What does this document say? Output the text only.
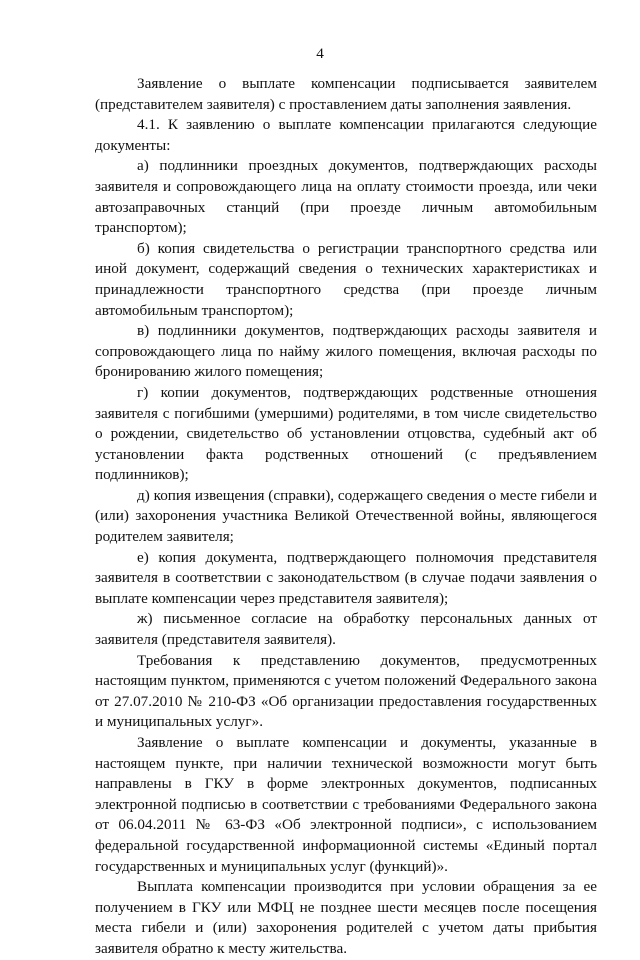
4

Заявление о выплате компенсации подписывается заявителем (представителем заявителя) с проставлением даты заполнения заявления.

4.1. К заявлению о выплате компенсации прилагаются следующие документы:

а) подлинники проездных документов, подтверждающих расходы заявителя и сопровождающего лица на оплату стоимости проезда, или чеки автозаправочных станций (при проезде личным автомобильным транспортом);

б) копия свидетельства о регистрации транспортного средства или иной документ, содержащий сведения о технических характеристиках и принадлежности транспортного средства (при проезде личным автомобильным транспортом);

в) подлинники документов, подтверждающих расходы заявителя и сопровождающего лица по найму жилого помещения, включая расходы по бронированию жилого помещения;

г) копии документов, подтверждающих родственные отношения заявителя с погибшими (умершими) родителями, в том числе свидетельство о рождении, свидетельство об установлении отцовства, судебный акт об установлении факта родственных отношений (с предъявлением подлинников);

д) копия извещения (справки), содержащего сведения о месте гибели и (или) захоронения участника Великой Отечественной войны, являющегося родителем заявителя;

е) копия документа, подтверждающего полномочия представителя заявителя в соответствии с законодательством (в случае подачи заявления о выплате компенсации через представителя заявителя);

ж) письменное согласие на обработку персональных данных от заявителя (представителя заявителя).

Требования к представлению документов, предусмотренных настоящим пунктом, применяются с учетом положений Федерального закона от 27.07.2010 № 210-ФЗ «Об организации предоставления государственных и муниципальных услуг».

Заявление о выплате компенсации и документы, указанные в настоящем пункте, при наличии технической возможности могут быть направлены в ГКУ в форме электронных документов, подписанных электронной подписью в соответствии с требованиями Федерального закона от 06.04.2011 № 63-ФЗ «Об электронной подписи», с использованием федеральной государственной информационной системы «Единый портал государственных и муниципальных услуг (функций)».

Выплата компенсации производится при условии обращения за ее получением в ГКУ или МФЦ не позднее шести месяцев после посещения места гибели и (или) захоронения родителей с учетом даты прибытия заявителя обратно к месту жительства.
